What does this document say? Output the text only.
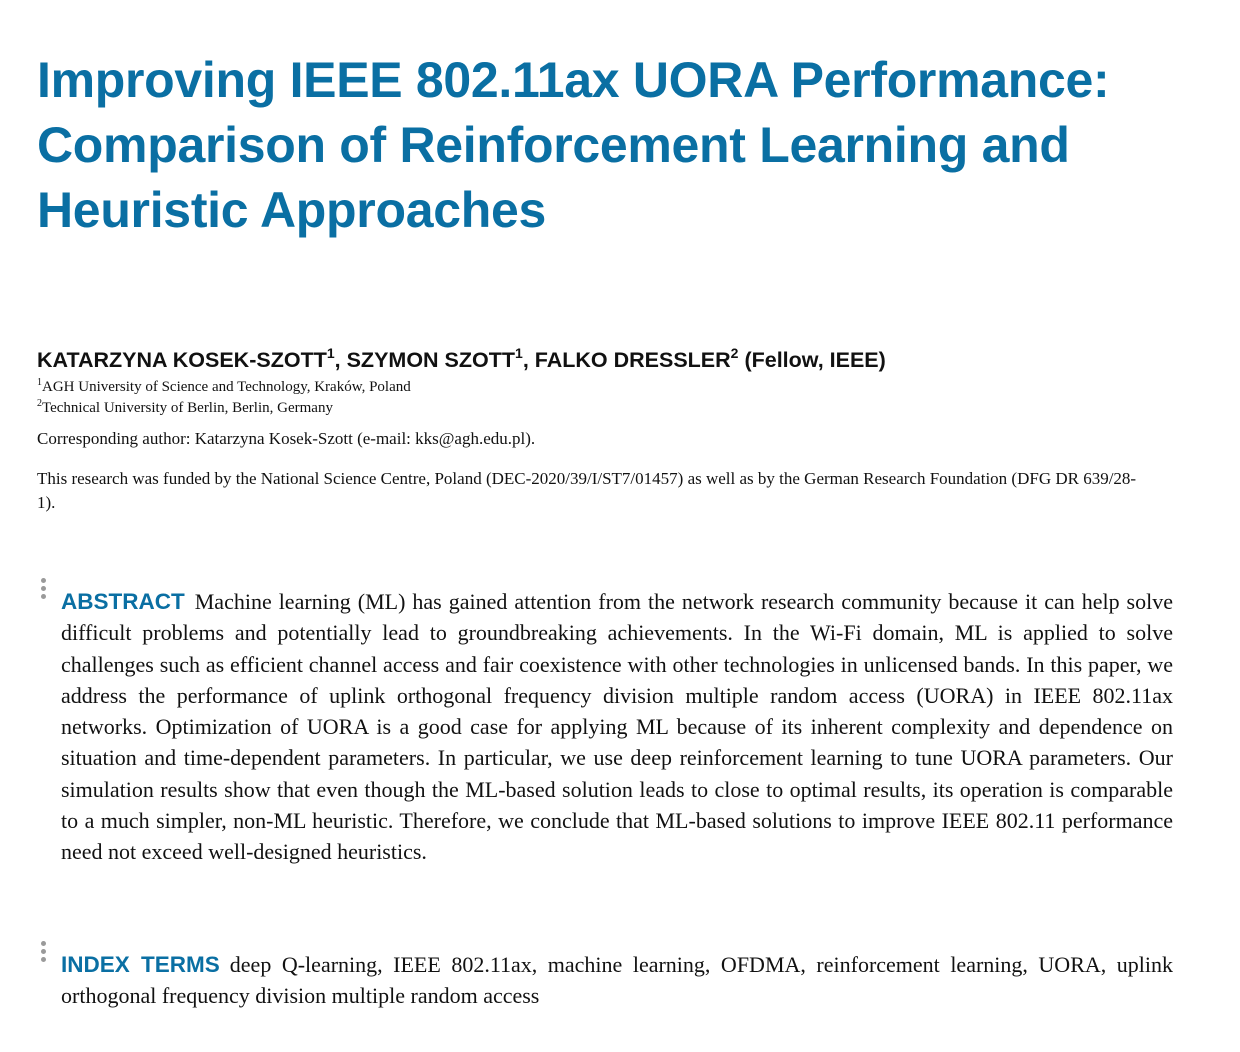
Improving IEEE 802.11ax UORA Performance: Comparison of Reinforcement Learning and Heuristic Approaches

KATARZYNA KOSEK-SZOTT$^1$, SZYMON SZOTT$^1$, FALKO DRESSLER$^2$ (Fellow, IEEE)

$^1$AGH University of Science and Technology, Kraków, Poland

$^2$Technical University of Berlin, Berlin, Germany

Corresponding author: Katarzyna Kosek-Szott (e-mail: kks@agh.edu.pl).

This research was funded by the National Science Centre, Poland (DEC-2020/39/I/ST7/01457) as well as by the German Research Foundation (DFG DR 639/28-1).

ABSTRACT Machine learning (ML) has gained attention from the network research community because it can help solve difficult problems and potentially lead to groundbreaking achievements. In the Wi-Fi domain, ML is applied to solve challenges such as efficient channel access and fair coexistence with other technologies in unlicensed bands. In this paper, we address the performance of uplink orthogonal frequency division multiple random access (UORA) in IEEE 802.11ax networks. Optimization of UORA is a good case for applying ML because of its inherent complexity and dependence on situation and time-dependent parameters. In particular, we use deep reinforcement learning to tune UORA parameters. Our simulation results show that even though the ML-based solution leads to close to optimal results, its operation is comparable to a much simpler, non-ML heuristic. Therefore, we conclude that ML-based solutions to improve IEEE 802.11 performance need not exceed well-designed heuristics.

INDEX TERMS deep Q-learning, IEEE 802.11ax, machine learning, OFDMA, reinforcement learning, UORA, uplink orthogonal frequency division multiple random access
